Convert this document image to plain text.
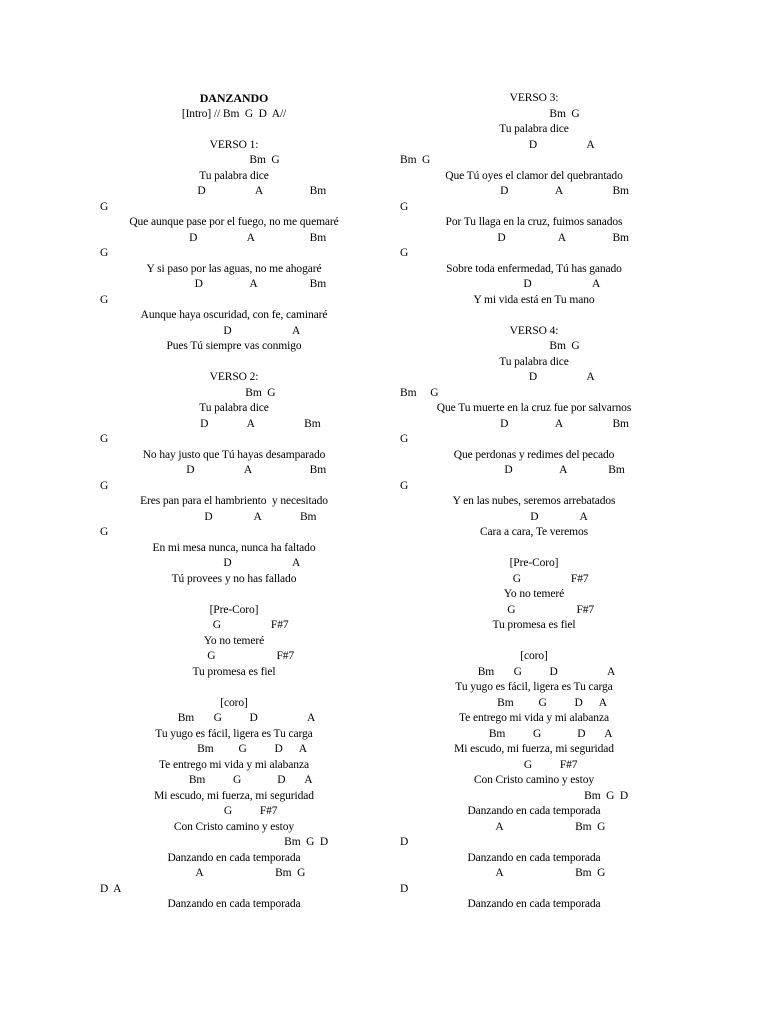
DANZANDO
[Intro] // Bm  G  D  A//
VERSO 1:
Bm  G
Tu palabra dice
D                  A                 Bm
G
Que aunque pase por el fuego, no me quemaré
D                  A                    Bm
G
Y si paso por las aguas, no me ahogaré
D                 A                   Bm
G
Aunque haya oscuridad, con fe, caminaré
D                      A
Pues Tú siempre vas conmigo
VERSO 2:
Bm  G
Tu palabra dice
D              A                  Bm
G
No hay justo que Tú hayas desamparado
D                  A                     Bm
G
Eres pan para el hambriento  y necesitado
D               A              Bm
G
En mi mesa nunca, nunca ha faltado
D                      A
Tú provees y no has fallado
[Pre-Coro]
G                  F#7
Yo no temeré
G                      F#7
Tu promesa es fiel
[coro]
Bm       G          D                  A
Tu yugo es fácil, ligera es Tu carga
Bm         G          D      A
Te entrego mi vida y mi alabanza
Bm          G             D       A
Mi escudo, mi fuerza, mi seguridad
G          F#7
Con Cristo camino y estoy
Bm  G  D
Danzando en cada temporada
A                          Bm  G
D  A
Danzando en cada temporada
VERSO 3:
Bm  G
Tu palabra dice
D                  A
Bm  G
Que Tú oyes el clamor del quebrantado
D                 A                  Bm
G
Por Tu llaga en la cruz, fuimos sanados
D                   A                 Bm
G
Sobre toda enfermedad, Tú has ganado
D                      A
Y mi vida está en Tu mano
VERSO 4:
Bm  G
Tu palabra dice
D                  A
Bm     G
Que Tu muerte en la cruz fue por salvarnos
D                 A                  Bm
G
Que perdonas y redimes del pecado
D                 A               Bm
G
Y en las nubes, seremos arrebatados
D               A
Cara a cara, Te veremos
[Pre-Coro]
G                  F#7
Yo no temeré
G                      F#7
Tu promesa es fiel
[coro]
Bm       G          D                  A
Tu yugo es fácil, ligera es Tu carga
Bm         G          D      A
Te entrego mi vida y mi alabanza
Bm          G             D       A
Mi escudo, mi fuerza, mi seguridad
G          F#7
Con Cristo camino y estoy
Bm  G  D
Danzando en cada temporada
A                          Bm  G
D
Danzando en cada temporada
A                          Bm  G
D
Danzando en cada temporada
